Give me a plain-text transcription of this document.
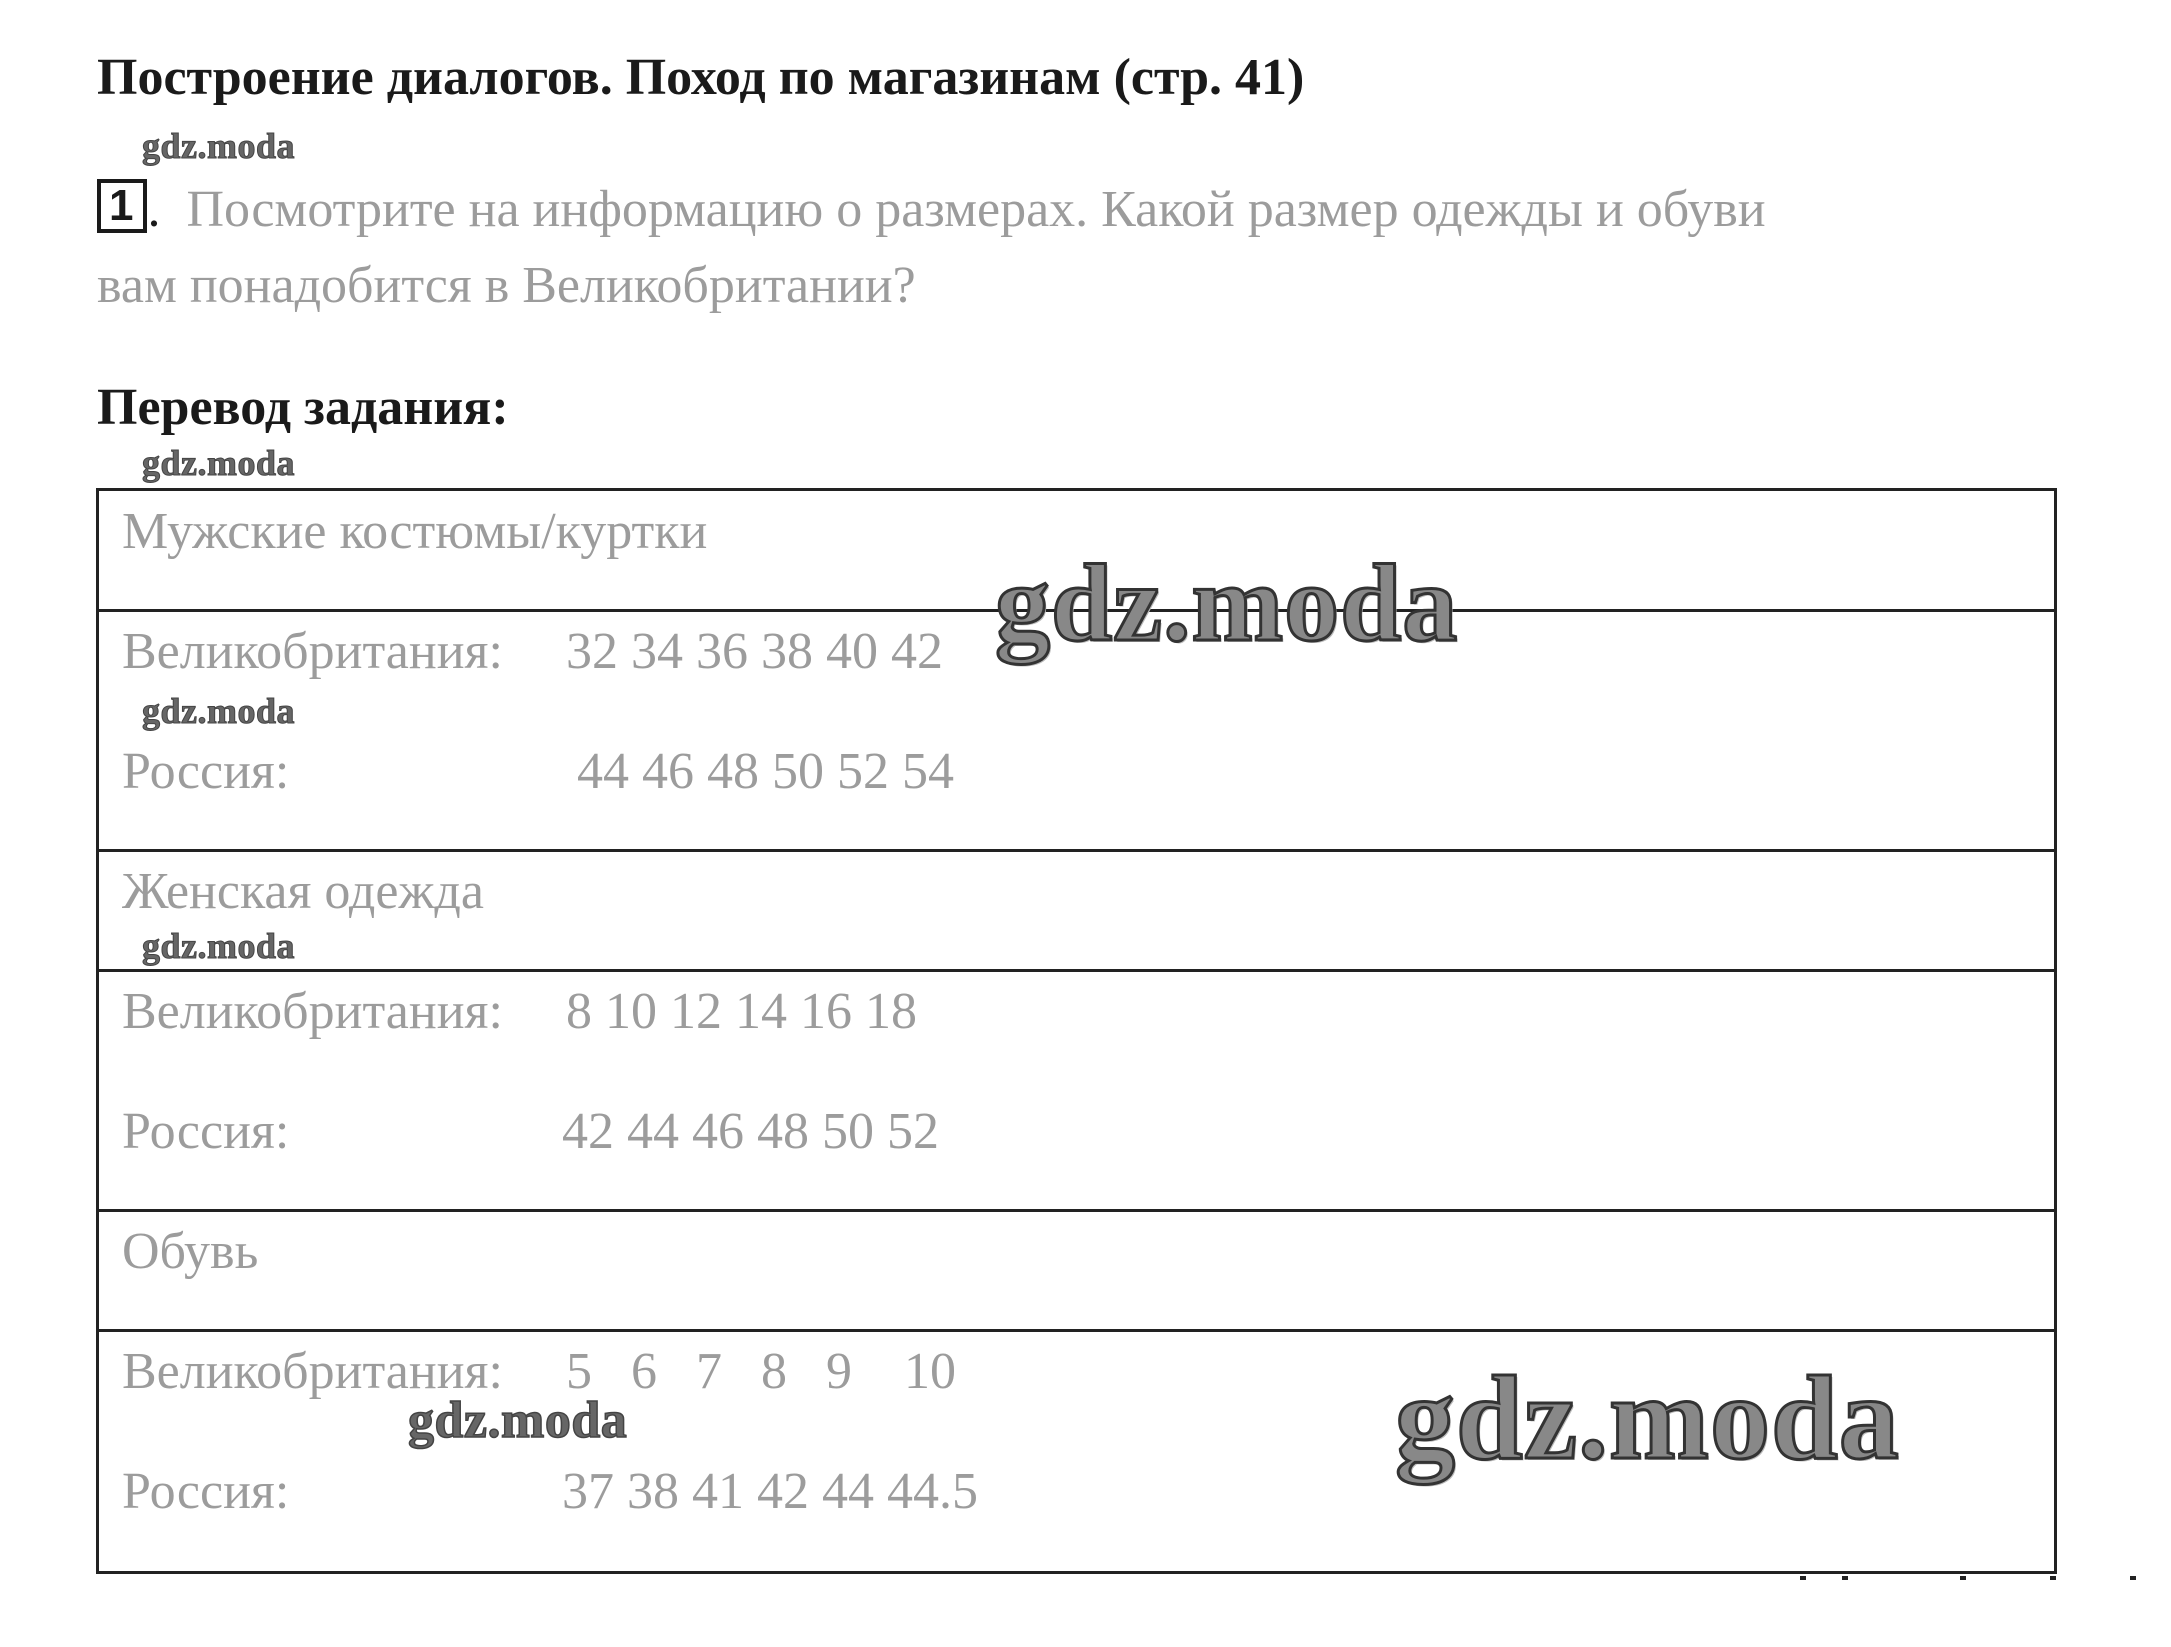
Построение диалогов. Поход по магазинам (стр. 41)
gdz.moda

1 . Посмотрите на информацию о размерах. Какой размер одежды и обуви
вам понадобится в Великобритании?

Перевод задания:
gdz.moda
Мужские костюмы/куртки
Великобритания: 32 34 36 38 40 42
Россия:	44 46 48 50 52 54
Женская одежда
Великобритания: 8 10 12 14 16 18
Россия:	42 44 46 48 50 52
Обувь
Великобритания: 5   6   7   8   9    10
Россия:	37 38 41 42 44 44.5
gdz.moda
gdz.moda
gdz.moda
gdz.moda
gdz.moda
